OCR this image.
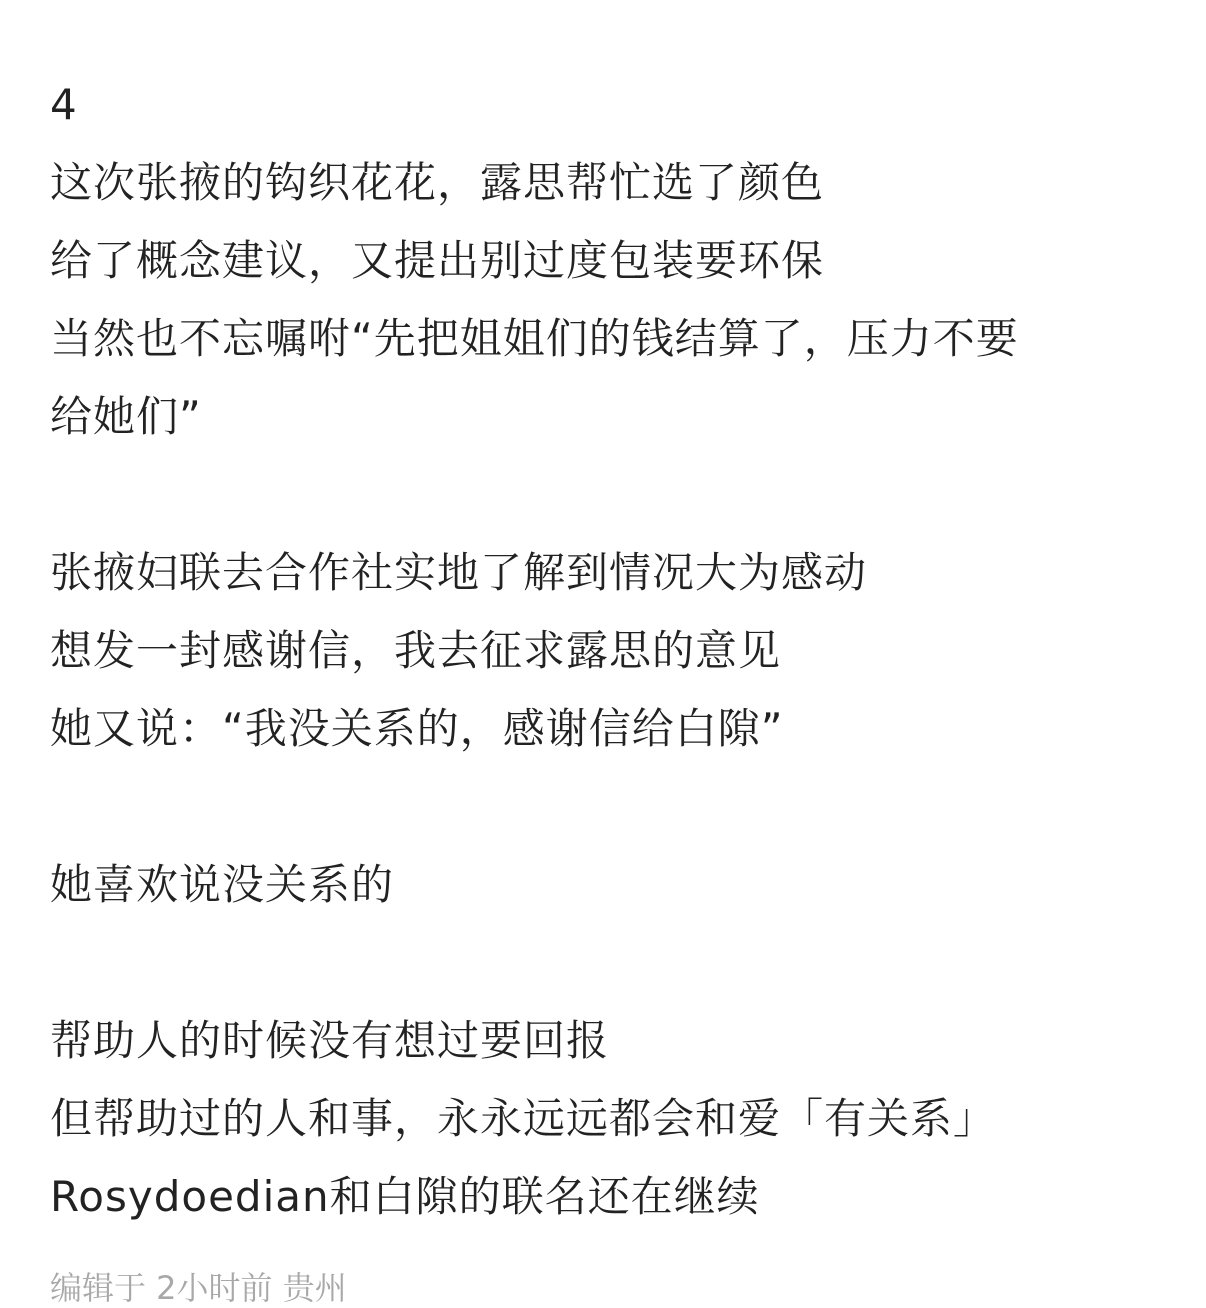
4
这次张掖的钩织花花，露思帮忙选了颜色
给了概念建议，又提出别过度包装要环保
当然也不忘嘱咐“先把姐姐们的钱结算了，压力不要
给她们”
张掖妇联去合作社实地了解到情况大为感动
想发一封感谢信，我去征求露思的意见
她又说：“我没关系的，感谢信给白隙”
她喜欢说没关系的
帮助人的时候没有想过要回报
但帮助过的人和事，永永远远都会和爱「有关系」
Rosydoedian和白隙的联名还在继续
编辑于 2小时前 贵州
